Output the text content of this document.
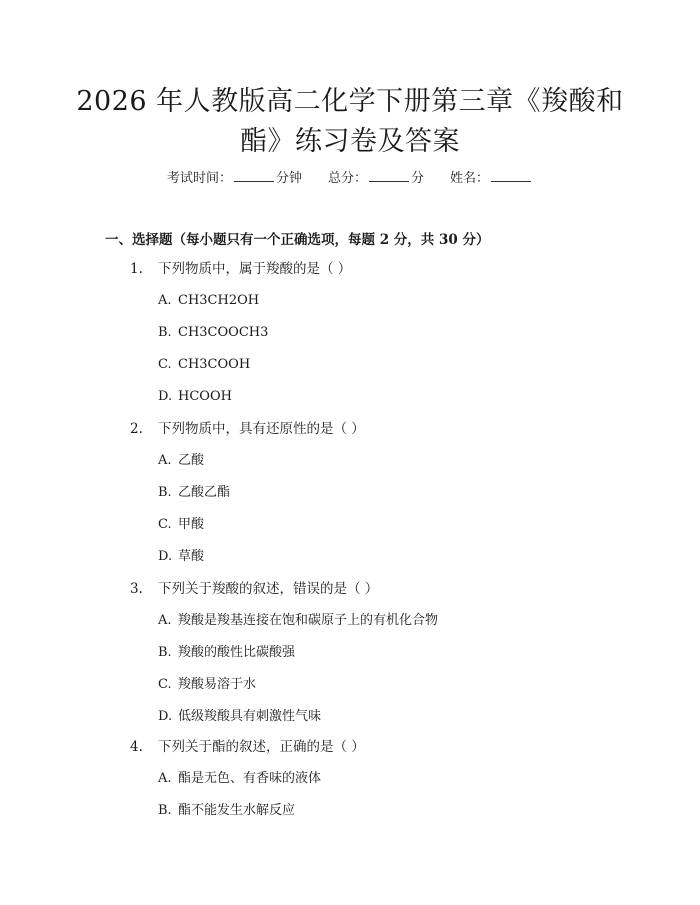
2026 年人教版高二化学下册第三章《羧酸和
酯》练习卷及答案
考试时间：	分钟 总分：	分 姓名：
一、选择题（每小题只有一个正确选项，每题 2 分，共 30 分）
1. 下列物质中，属于羧酸的是（ ）
A. CH3CH2OH
B. CH3COOCH3
C. CH3COOH
D. HCOOH
2. 下列物质中，具有还原性的是（ ）
A. 乙酸
B. 乙酸乙酯
C. 甲酸
D. 草酸
3. 下列关于羧酸的叙述，错误的是（ ）
A. 羧酸是羧基连接在饱和碳原子上的有机化合物
B. 羧酸的酸性比碳酸强
C. 羧酸易溶于水
D. 低级羧酸具有刺激性气味
4. 下列关于酯的叙述，正确的是（ ）
A. 酯是无色、有香味的液体
B. 酯不能发生水解反应
